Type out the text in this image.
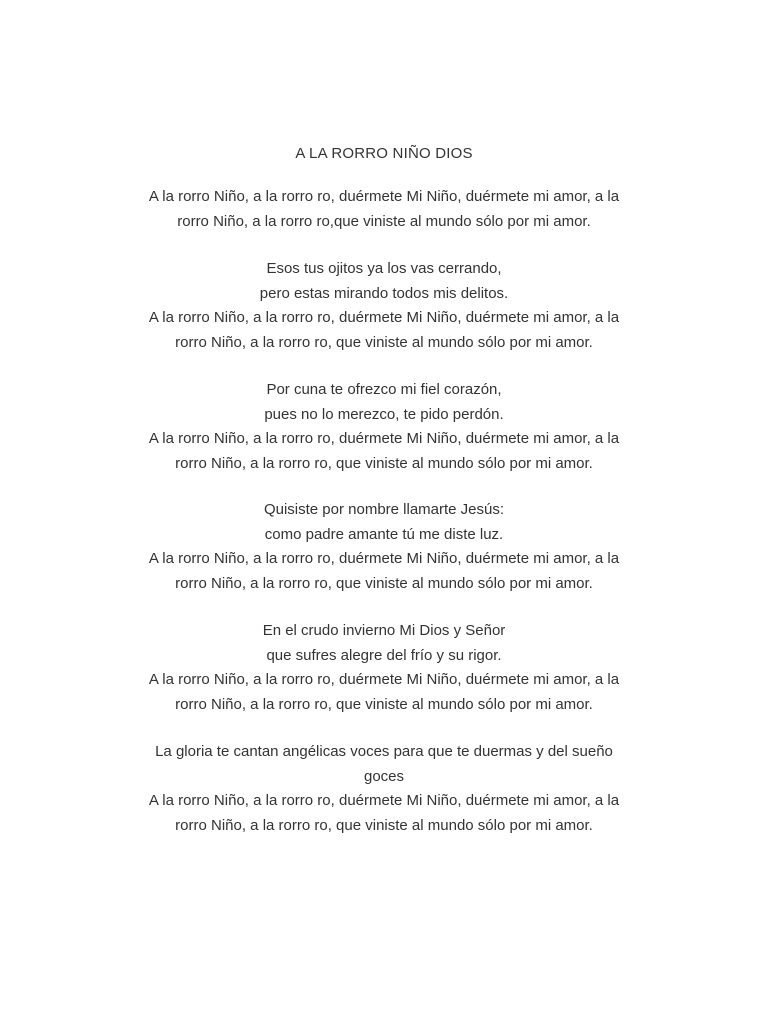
A LA RORRO NIÑO DIOS
A la rorro Niño, a la rorro ro, duérmete Mi Niño, duérmete mi amor, a la
rorro Niño, a la rorro ro,que viniste al mundo sólo por mi amor.
Esos tus ojitos ya los vas cerrando,
pero estas mirando todos mis delitos.
A la rorro Niño, a la rorro ro, duérmete Mi Niño, duérmete mi amor, a la
rorro Niño, a la rorro ro, que viniste al mundo sólo por mi amor.
Por cuna te ofrezco mi fiel corazón,
pues no lo merezco, te pido perdón.
A la rorro Niño, a la rorro ro, duérmete Mi Niño, duérmete mi amor, a la
rorro Niño, a la rorro ro, que viniste al mundo sólo por mi amor.
Quisiste por nombre llamarte Jesús:
como padre amante tú me diste luz.
A la rorro Niño, a la rorro ro, duérmete Mi Niño, duérmete mi amor, a la
rorro Niño, a la rorro ro, que viniste al mundo sólo por mi amor.
En el crudo invierno Mi Dios y Señor
que sufres alegre del frío y su rigor.
A la rorro Niño, a la rorro ro, duérmete Mi Niño, duérmete mi amor, a la
rorro Niño, a la rorro ro, que viniste al mundo sólo por mi amor.
La gloria te cantan angélicas voces para que te duermas y del sueño
goces
A la rorro Niño, a la rorro ro, duérmete Mi Niño, duérmete mi amor, a la
rorro Niño, a la rorro ro, que viniste al mundo sólo por mi amor.
